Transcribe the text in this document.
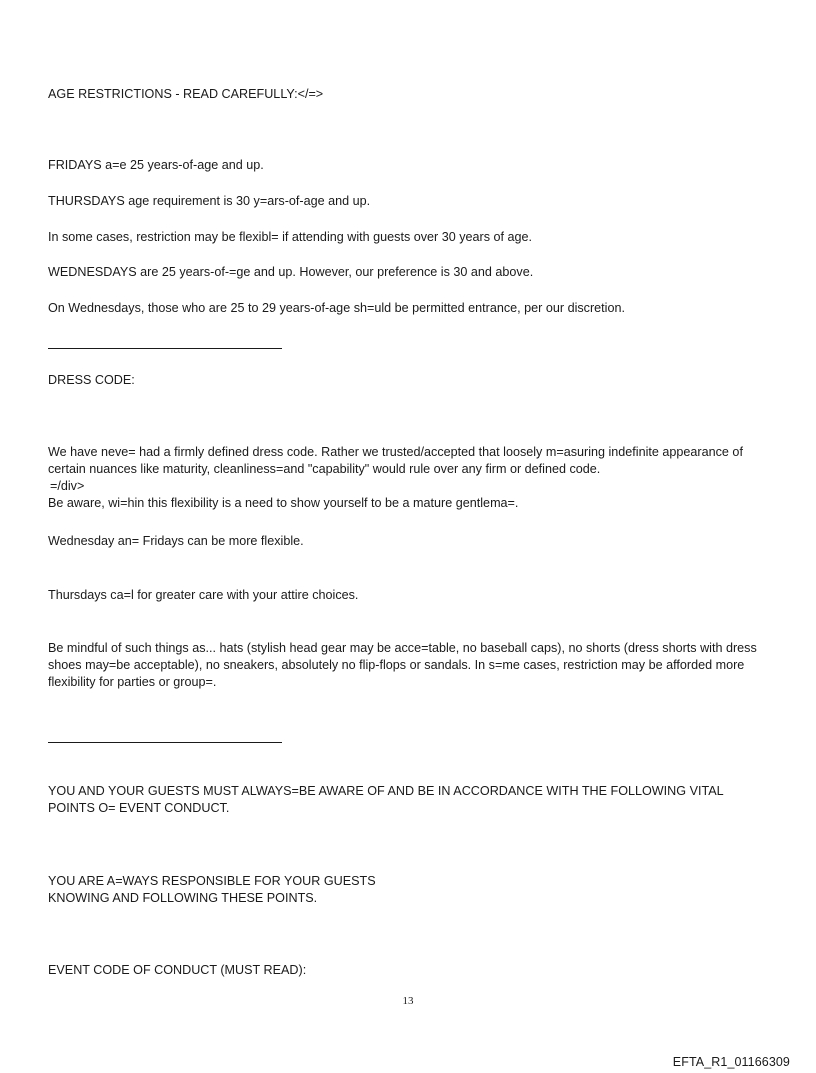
AGE RESTRICTIONS - READ CAREFULLY:</=>
FRIDAYS a=e 25 years-of-age and up.
THURSDAYS age requirement is 30 y=ars-of-age and up.
In some cases, restriction may be flexibl= if attending with guests over 30 years of age.
WEDNESDAYS are 25 years-of-=ge and up. However, our preference is 30 and above.
On Wednesdays, those who are 25 to 29 years-of-age sh=uld be permitted entrance, per our discretion.
DRESS CODE:
We have neve= had a firmly defined dress code. Rather we trusted/accepted that loosely m=asuring indefinite appearance of certain nuances like maturity, cleanliness=and "capability" would rule over any firm or defined code.
=/div>
Be aware, wi=hin this flexibility is a need to show yourself to be a mature gentlema=.
Wednesday an= Fridays can be more flexible.
Thursdays ca=l for greater care with your attire choices.
Be mindful of such things as... hats (stylish head gear may be acce=table, no baseball caps), no shorts (dress shorts with dress shoes may=be acceptable), no sneakers, absolutely no flip-flops or sandals. In s=me cases, restriction may be afforded more flexibility for parties or group=.
YOU AND YOUR GUESTS MUST ALWAYS=BE AWARE OF AND BE IN ACCORDANCE WITH THE FOLLOWING VITAL POINTS O= EVENT CONDUCT.
YOU ARE A=WAYS RESPONSIBLE FOR YOUR GUESTS
KNOWING AND FOLLOWING THESE POINTS.
EVENT CODE OF CONDUCT (MUST READ):
13
EFTA_R1_01166309
